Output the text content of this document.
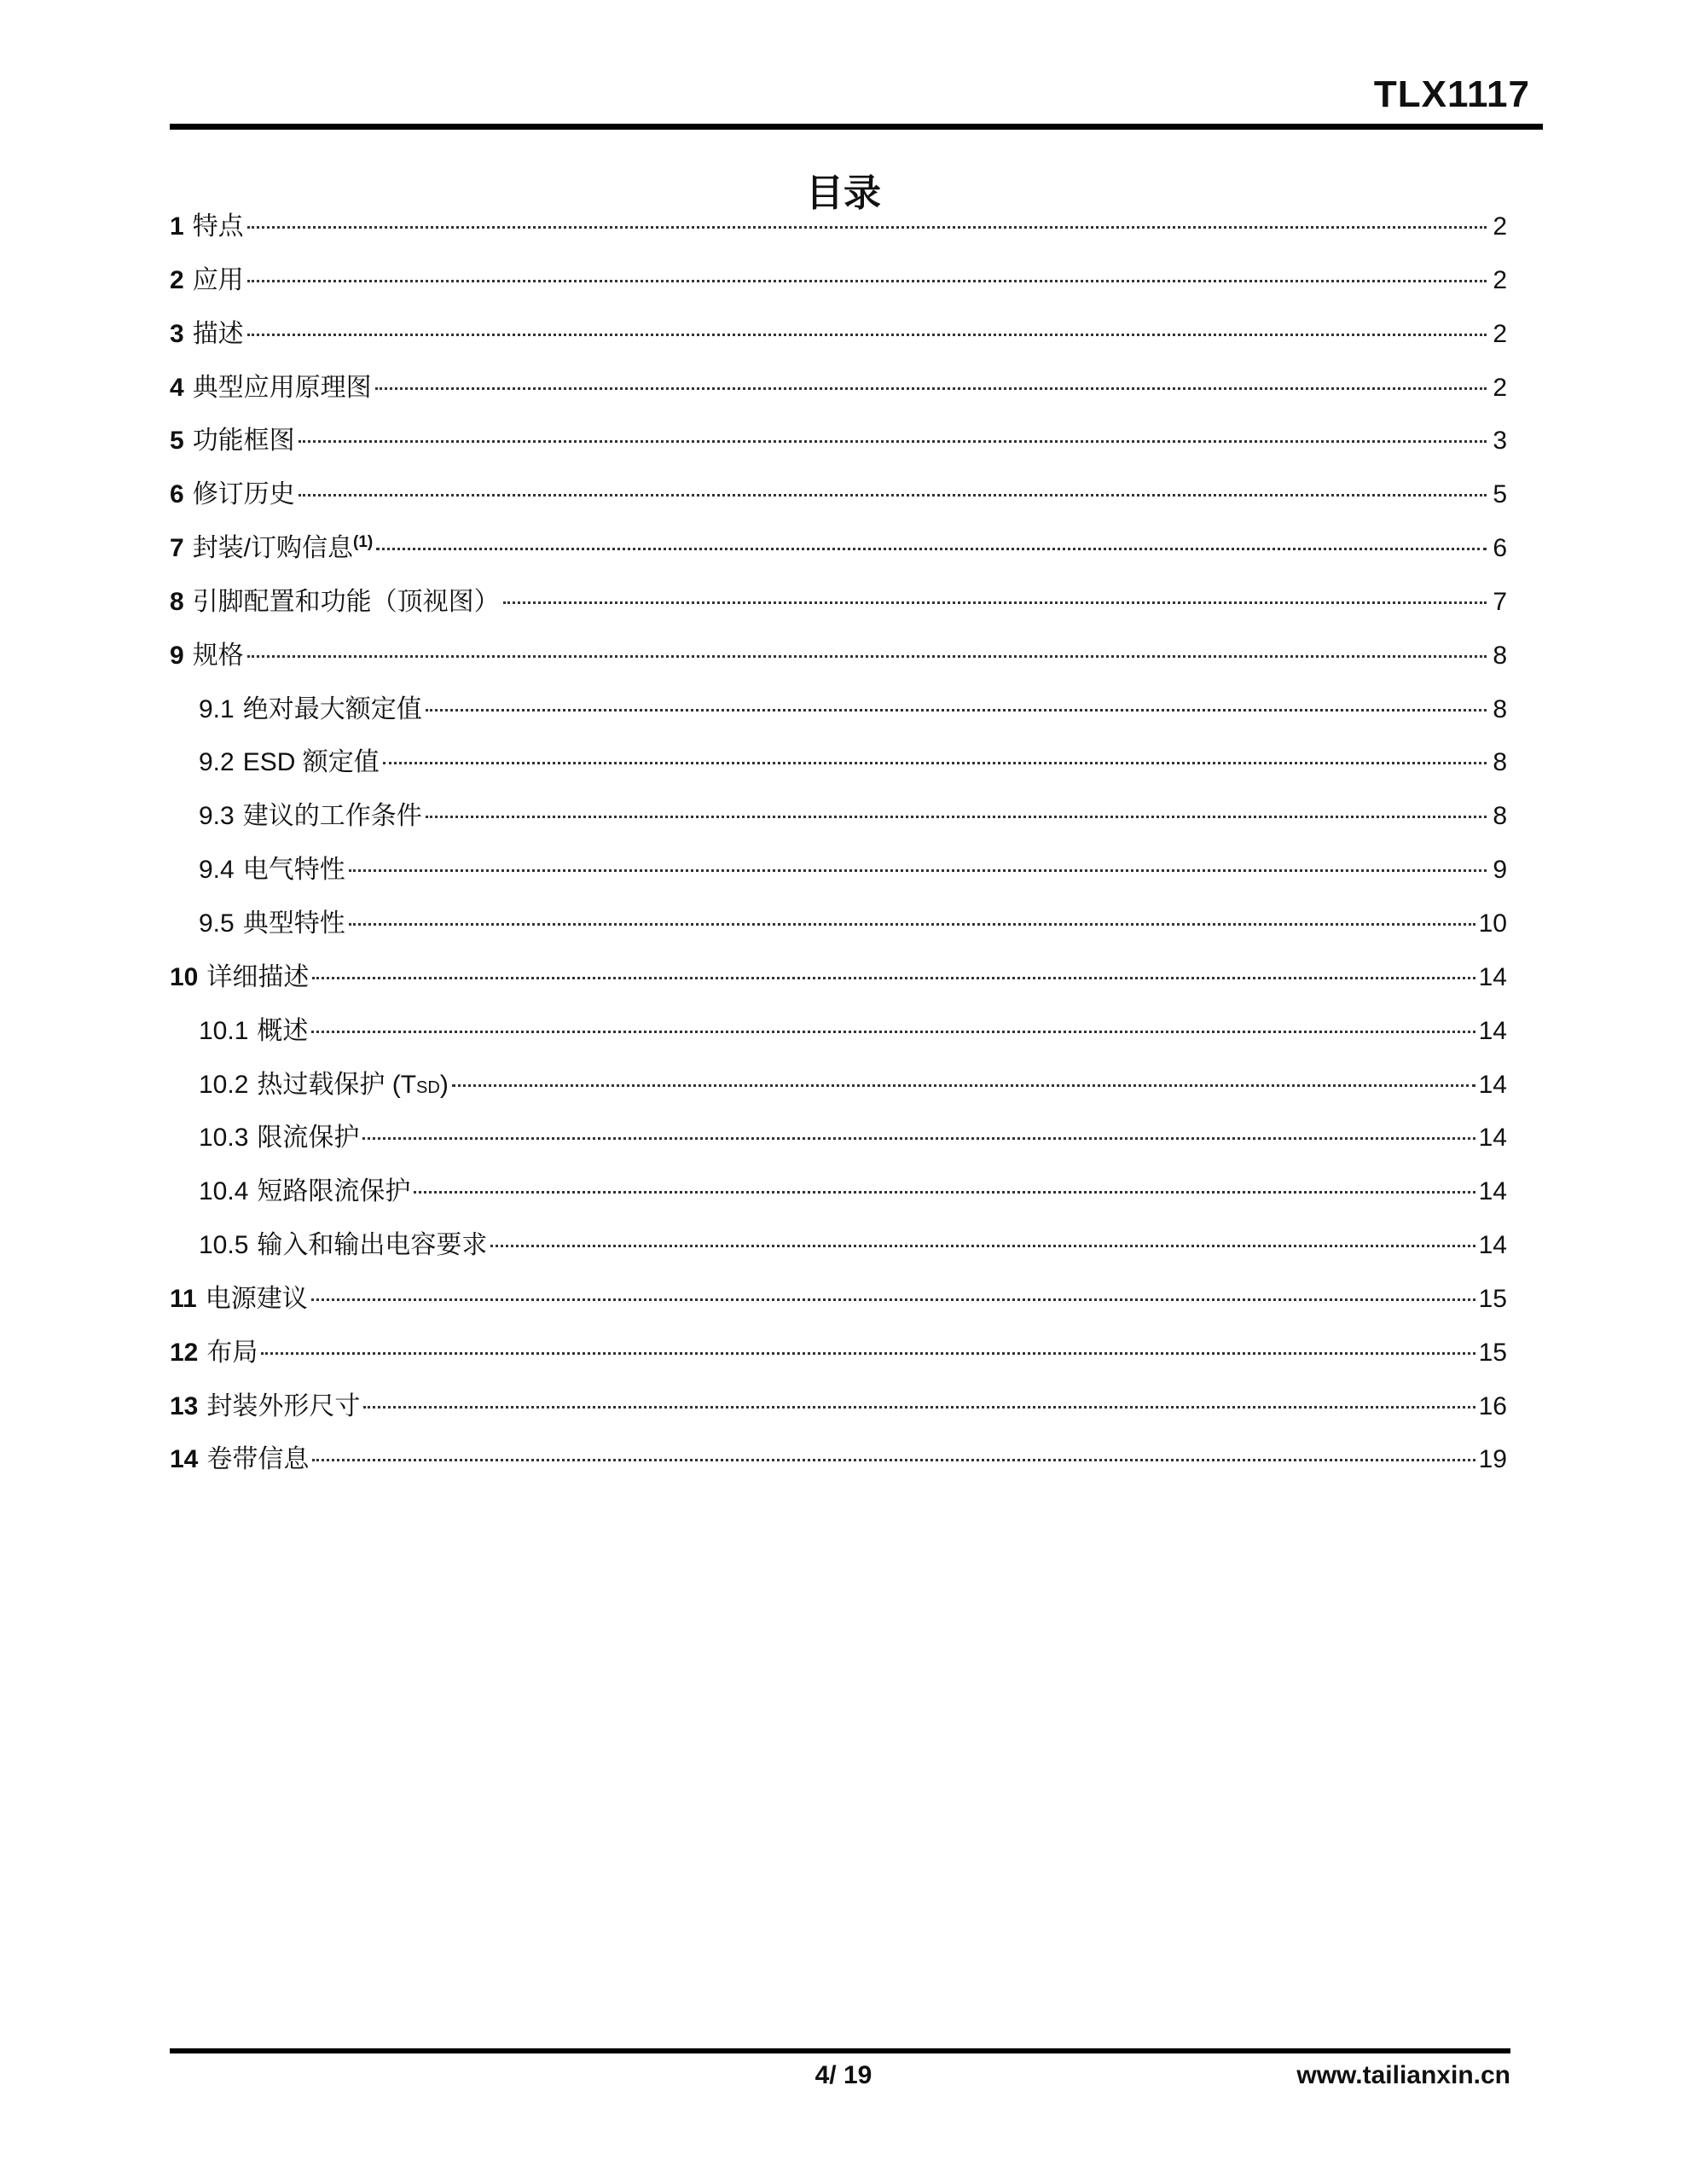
TLX1117
目录
1 特点	2
2 应用	2
3 描述	2
4 典型应用原理图	2
5 功能框图	3
6 修订历史	5
7 封装/订购信息$^{(1)}$	6
8 引脚配置和功能（顶视图）	7
9 规格	8
9.1 绝对最大额定值	8
9.2 ESD 额定值	8
9.3 建议的工作条件	8
9.4 电气特性	9
9.5 典型特性	10
10 详细描述	14
10.1 概述	14
10.2 热过载保护 (TSD)	14
10.3 限流保护	14
10.4 短路限流保护	14
10.5 输入和输出电容要求	14
11 电源建议	15
12 布局	15
13 封装外形尺寸	16
14 卷带信息	19
4/ 19	www.tailianxin.cn
